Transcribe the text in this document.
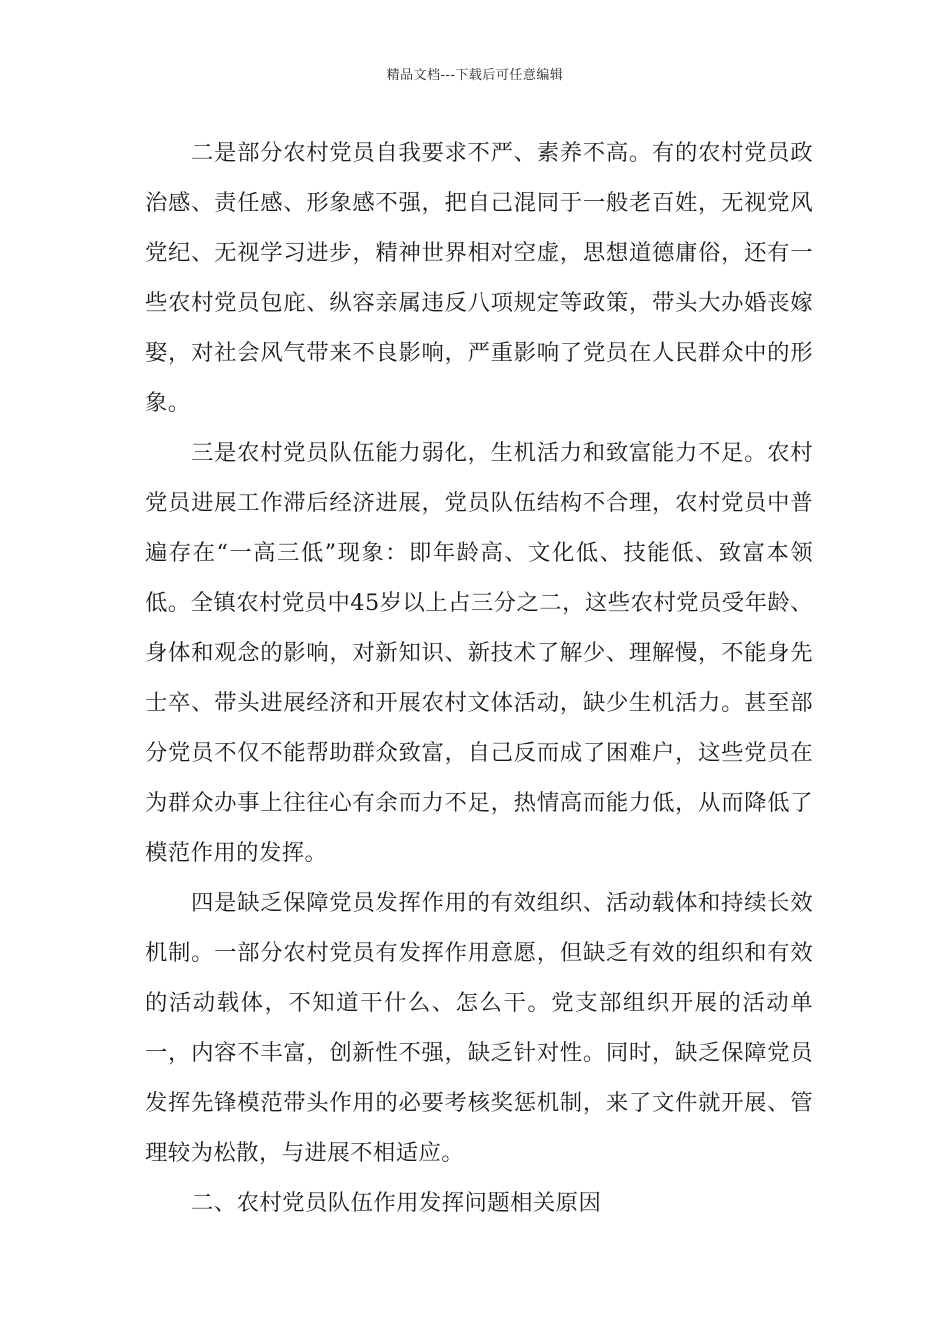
精品文档---下载后可任意编辑

二是部分农村党员自我要求不严、素养不高。有的农村党员政治感、责任感、形象感不强，把自己混同于一般老百姓，无视党风党纪、无视学习进步，精神世界相对空虚，思想道德庸俗，还有一些农村党员包庇、纵容亲属违反八项规定等政策，带头大办婚丧嫁娶，对社会风气带来不良影响，严重影响了党员在人民群众中的形象。

三是农村党员队伍能力弱化，生机活力和致富能力不足。农村党员进展工作滞后经济进展，党员队伍结构不合理，农村党员中普遍存在“一高三低”现象：即年龄高、文化低、技能低、致富本领低。全镇农村党员中45岁以上占三分之二，这些农村党员受年龄、身体和观念的影响，对新知识、新技术了解少、理解慢，不能身先士卒、带头进展经济和开展农村文体活动，缺少生机活力。甚至部分党员不仅不能帮助群众致富，自己反而成了困难户，这些党员在为群众办事上往往心有余而力不足，热情高而能力低，从而降低了模范作用的发挥。

四是缺乏保障党员发挥作用的有效组织、活动载体和持续长效机制。一部分农村党员有发挥作用意愿，但缺乏有效的组织和有效的活动载体，不知道干什么、怎么干。党支部组织开展的活动单一，内容不丰富，创新性不强，缺乏针对性。同时，缺乏保障党员发挥先锋模范带头作用的必要考核奖惩机制，来了文件就开展、管理较为松散，与进展不相适应。

二、农村党员队伍作用发挥问题相关原因
